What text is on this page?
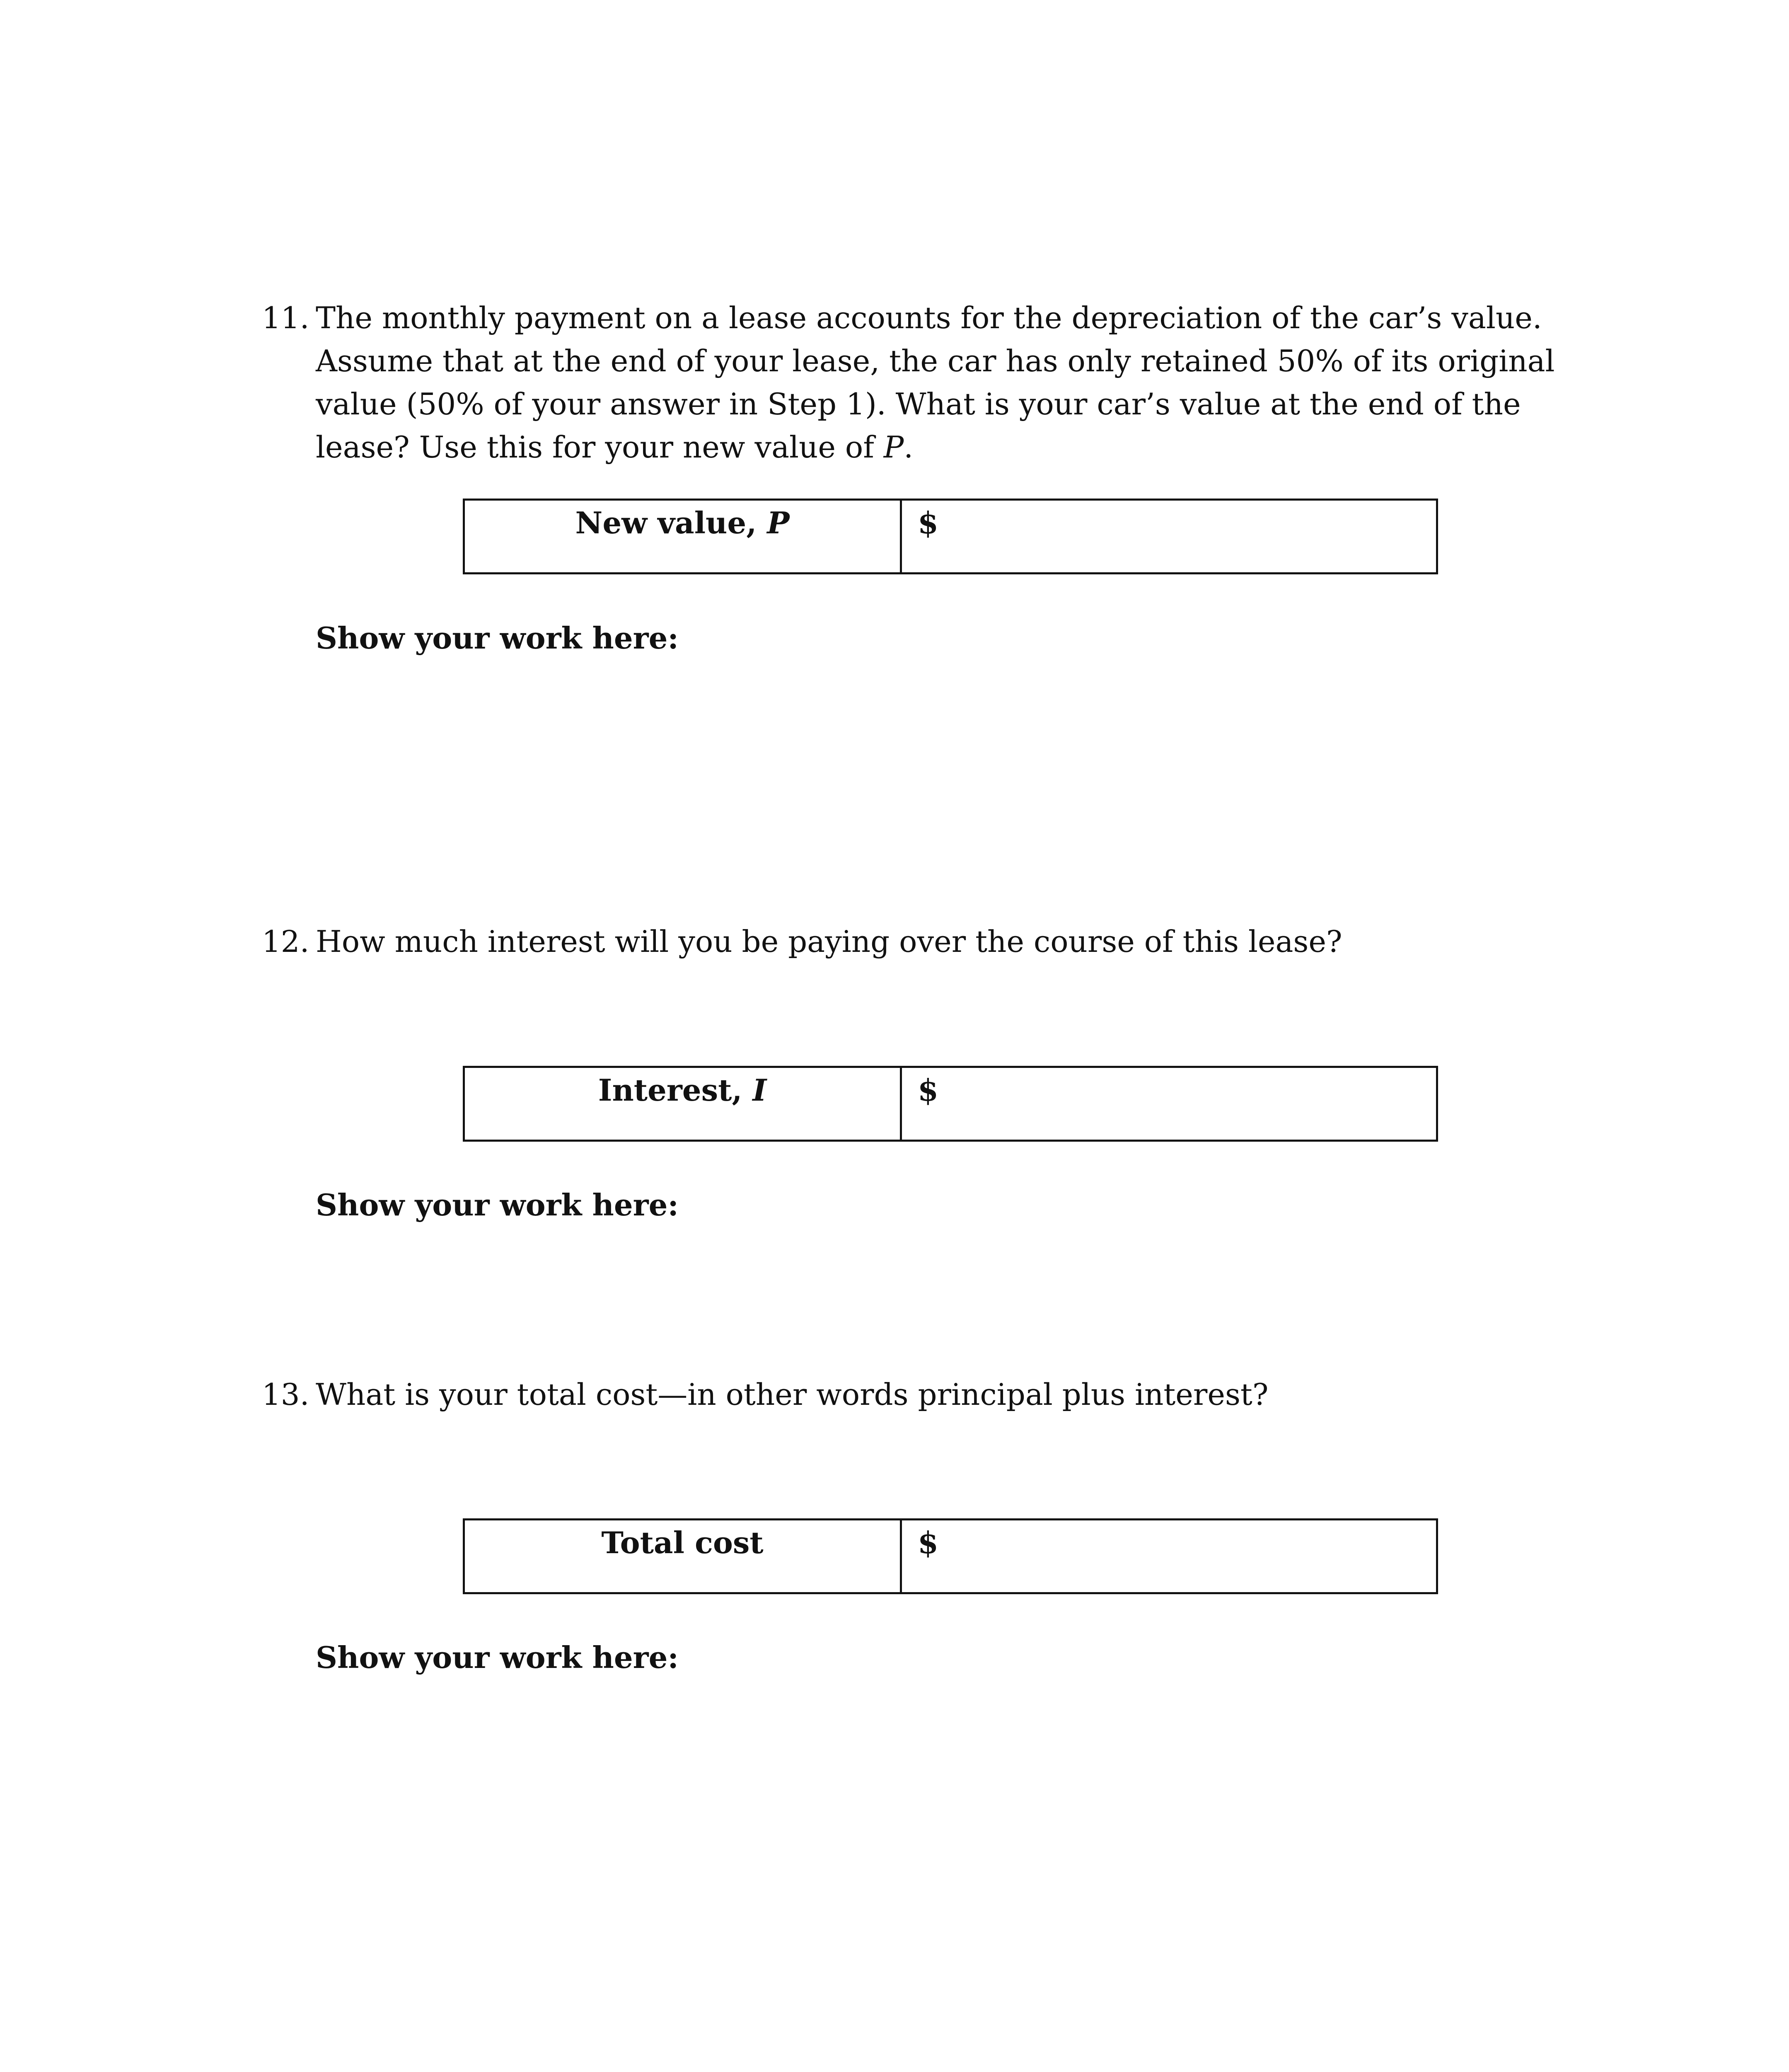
11. The monthly payment on a lease accounts for the depreciation of the car’s value. Assume that at the end of your lease, the car has only retained 50% of its original value (50% of your answer in Step 1). What is your car’s value at the end of the lease? Use this for your new value of P.
New value, P	$
Show your work here:
12. How much interest will you be paying over the course of this lease?
Interest, I	$
Show your work here:
13. What is your total cost—in other words principal plus interest?
Total cost	$
Show your work here:
